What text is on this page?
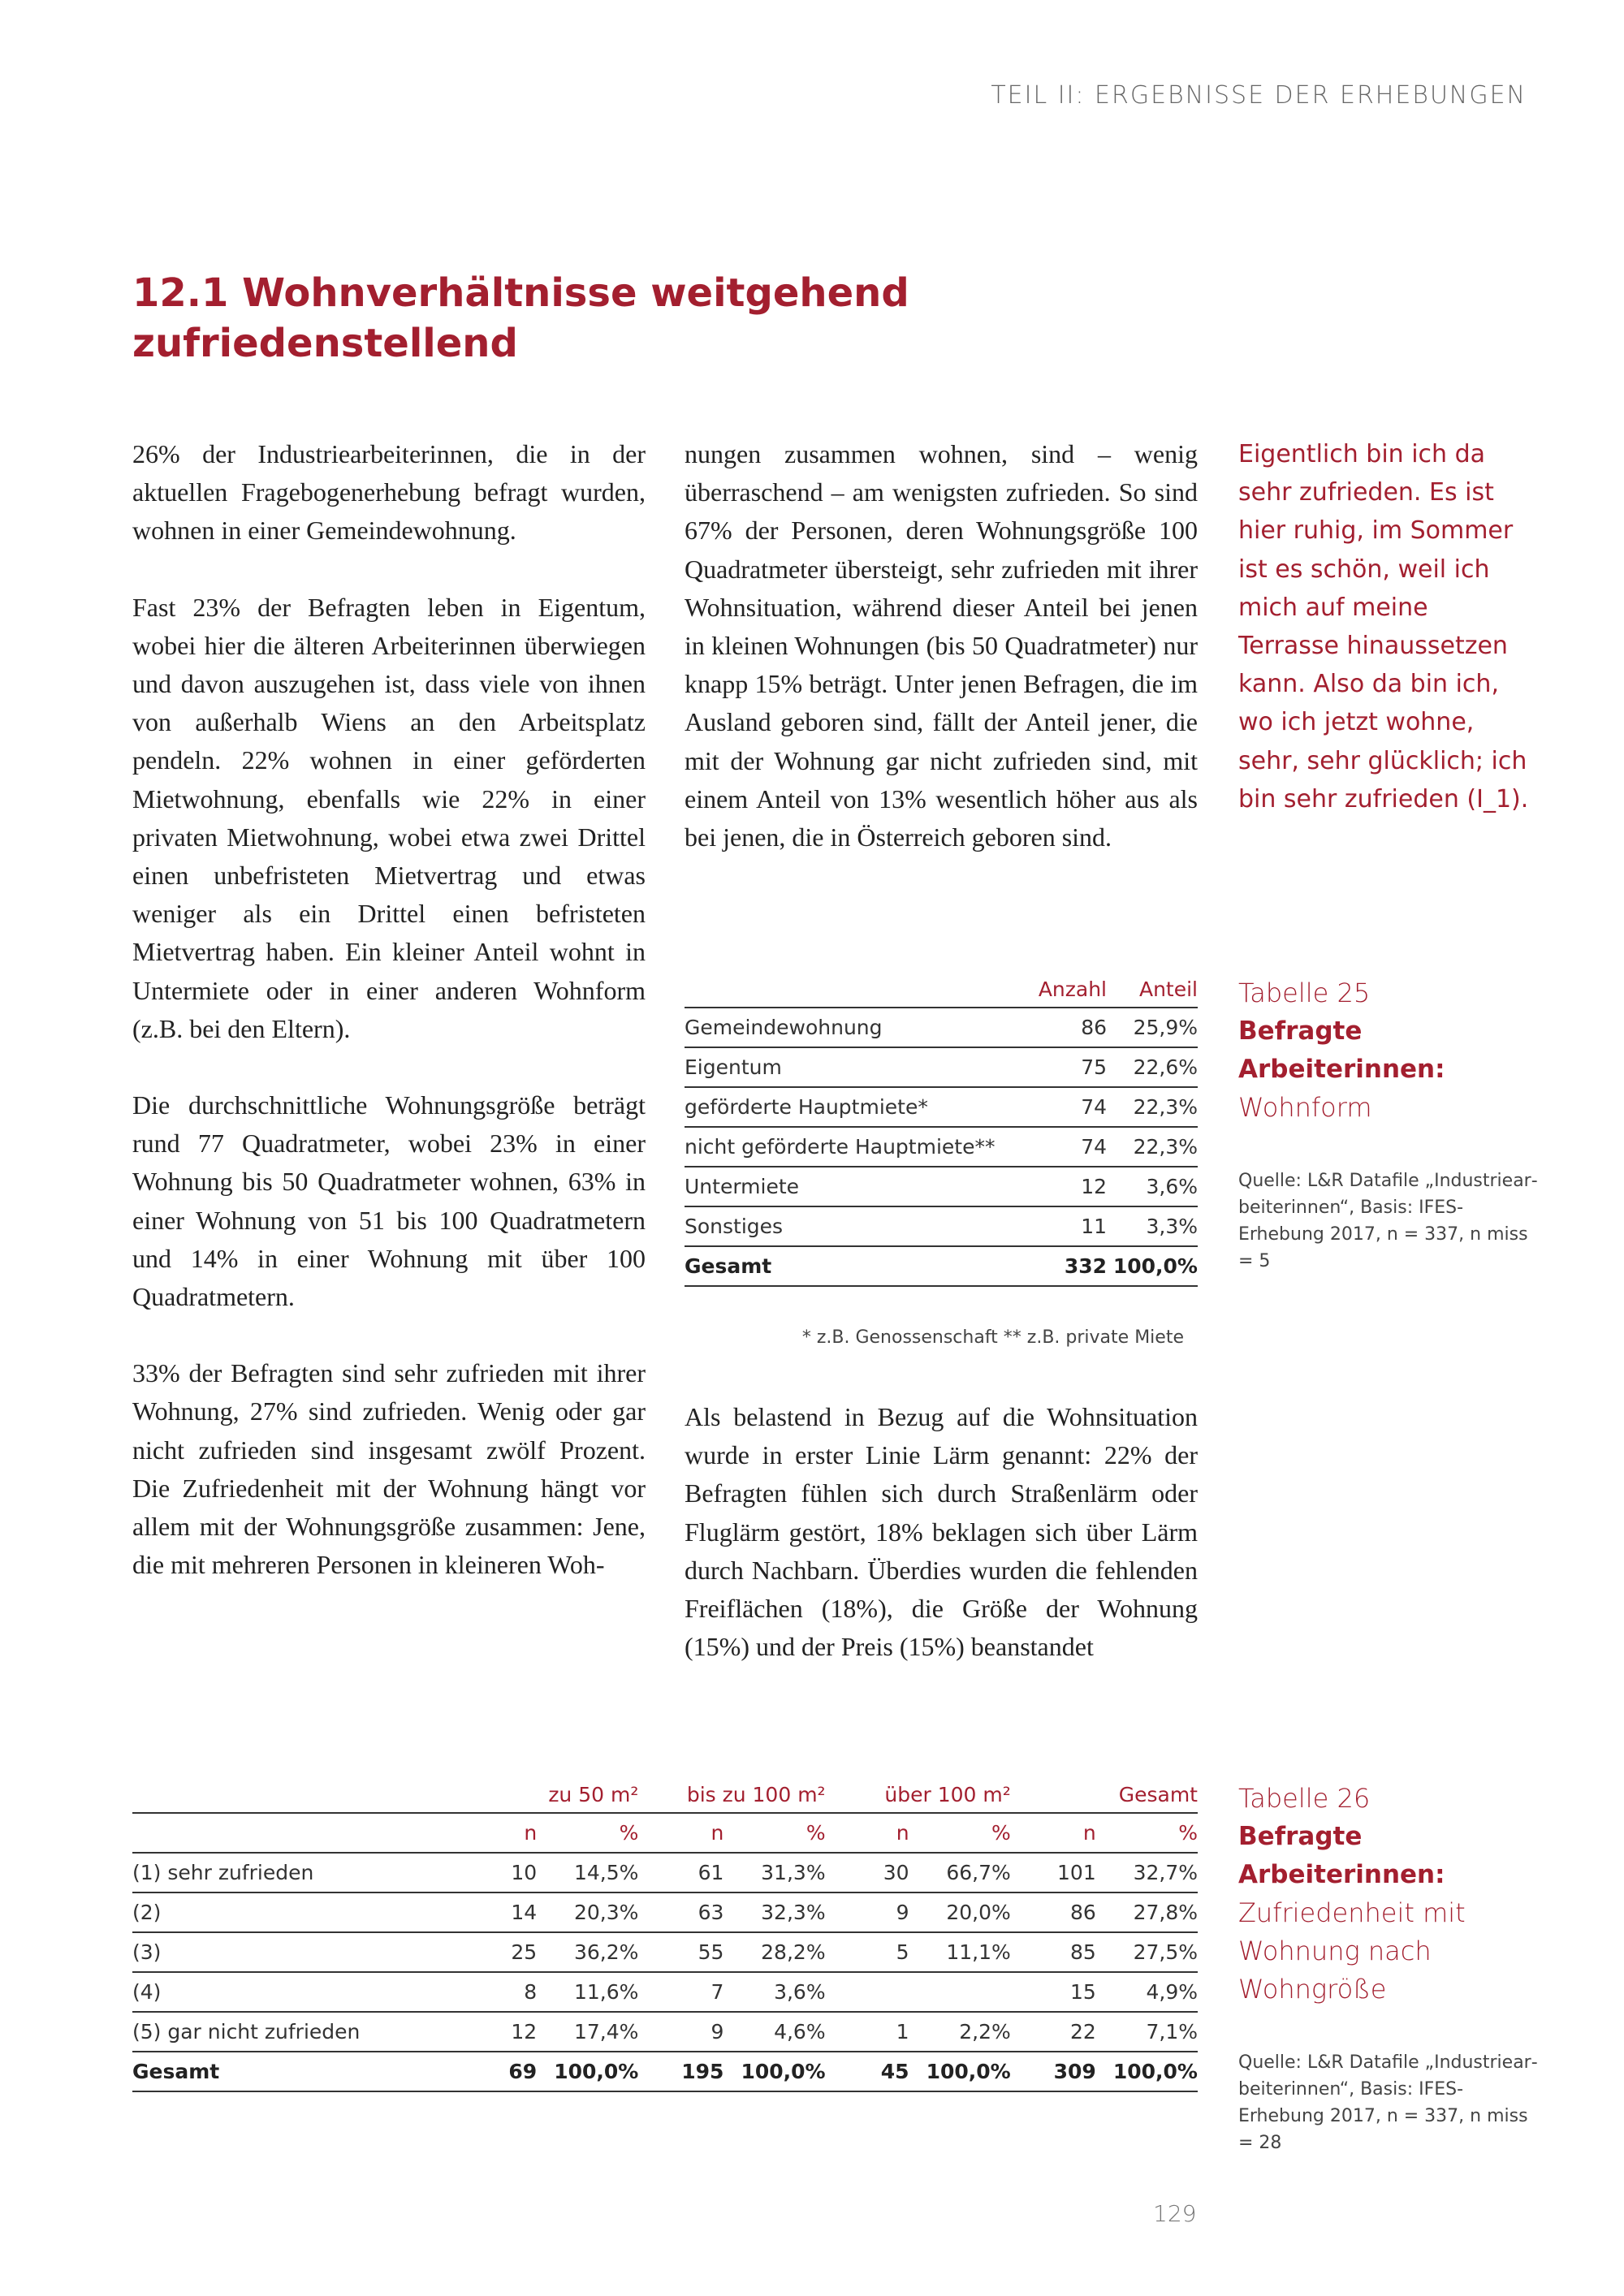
TEIL II: ERGEBNISSE DER ERHEBUNGEN
12.1 Wohnverhältnisse weitgehend
zufriedenstellend

26% der Industriearbeiterinnen, die in der aktuellen Fragebogenerhebung befragt wurden, wohnen in einer Gemeindewohnung.

Fast 23% der Befragten leben in Eigentum, wobei hier die älteren Arbeiterinnen überwiegen und davon auszugehen ist, dass viele von ihnen von außerhalb Wiens an den Arbeitsplatz pendeln. 22% wohnen in einer geförderten Mietwohnung, ebenfalls wie 22% in einer privaten Mietwohnung, wobei etwa zwei Drittel einen unbefristeten Mietvertrag und etwas weniger als ein Drittel einen befristeten Mietvertrag haben. Ein kleiner Anteil wohnt in Untermiete oder in einer anderen Wohnform (z.B. bei den Eltern).

Die durchschnittliche Wohnungsgröße beträgt rund 77 Quadratmeter, wobei 23% in einer Wohnung bis 50 Quadratmeter wohnen, 63% in einer Wohnung von 51 bis 100 Quadratmetern und 14% in einer Wohnung mit über 100 Quadratmetern.

33% der Befragten sind sehr zufrieden mit ihrer Wohnung, 27% sind zufrieden. Wenig oder gar nicht zufrieden sind insgesamt zwölf Prozent. Die Zufriedenheit mit der Wohnung hängt vor allem mit der Wohnungsgröße zusammen: Jene, die mit mehreren Personen in kleineren Woh-

nungen zusammen wohnen, sind – wenig überraschend – am wenigsten zufrieden. So sind 67% der Personen, deren Wohnungsgröße 100 Quadratmeter übersteigt, sehr zufrieden mit ihrer Wohnsituation, während dieser Anteil bei jenen in kleinen Wohnungen (bis 50 Quadratmeter) nur knapp 15% beträgt. Unter jenen Befragen, die im Ausland geboren sind, fällt der Anteil jener, die mit der Wohnung gar nicht zufrieden sind, mit einem Anteil von 13% wesentlich höher aus als bei jenen, die in Österreich geboren sind.

Eigentlich bin ich da sehr zufrieden. Es ist hier ruhig, im Sommer ist es schön, weil ich mich auf meine Terrasse hinaussetzen kann. Also da bin ich, wo ich jetzt wohne, sehr, sehr glücklich; ich bin sehr zufrieden (I_1).
	Anzahl	Anteil
Gemeindewohnung	86	25,9%
Eigentum	75	22,6%
geförderte Hauptmiete*	74	22,3%
nicht geförderte Hauptmiete**	74	22,3%
Untermiete	12	3,6%
Sonstiges	11	3,3%
Gesamt	332	100,0%
* z.B. Genossenschaft ** z.B. private Miete
Tabelle 25
Befragte Arbeiterinnen:
Wohnform
Quelle: L&R Datafile „Industriearbeiterinnen“, Basis: IFES-Erhebung 2017, n = 337, n miss = 5

Als belastend in Bezug auf die Wohnsituation wurde in erster Linie Lärm genannt: 22% der Befragten fühlen sich durch Straßenlärm oder Fluglärm gestört, 18% beklagen sich über Lärm durch Nachbarn. Überdies wurden die fehlenden Freiflächen (18%), die Größe der Wohnung (15%) und der Preis (15%) beanstandet

	zu 50 m²		bis zu 100 m²		über 100 m²		Gesamt	
	n	%	n	%	n	%	n	%
(1) sehr zufrieden	10	14,5%	61	31,3%	30	66,7%	101	32,7%
(2)	14	20,3%	63	32,3%	9	20,0%	86	27,8%
(3)	25	36,2%	55	28,2%	5	11,1%	85	27,5%
(4)	8	11,6%	7	3,6%			15	4,9%
(5) gar nicht zufrieden	12	17,4%	9	4,6%	1	2,2%	22	7,1%
Gesamt	69	100,0%	195	100,0%	45	100,0%	309	100,0%
Tabelle 26
Befragte Arbeiterinnen:
Zufriedenheit mit Wohnung nach Wohngröße
Quelle: L&R Datafile „Industriearbeiterinnen“, Basis: IFES-Erhebung 2017, n = 337, n miss = 28
129
